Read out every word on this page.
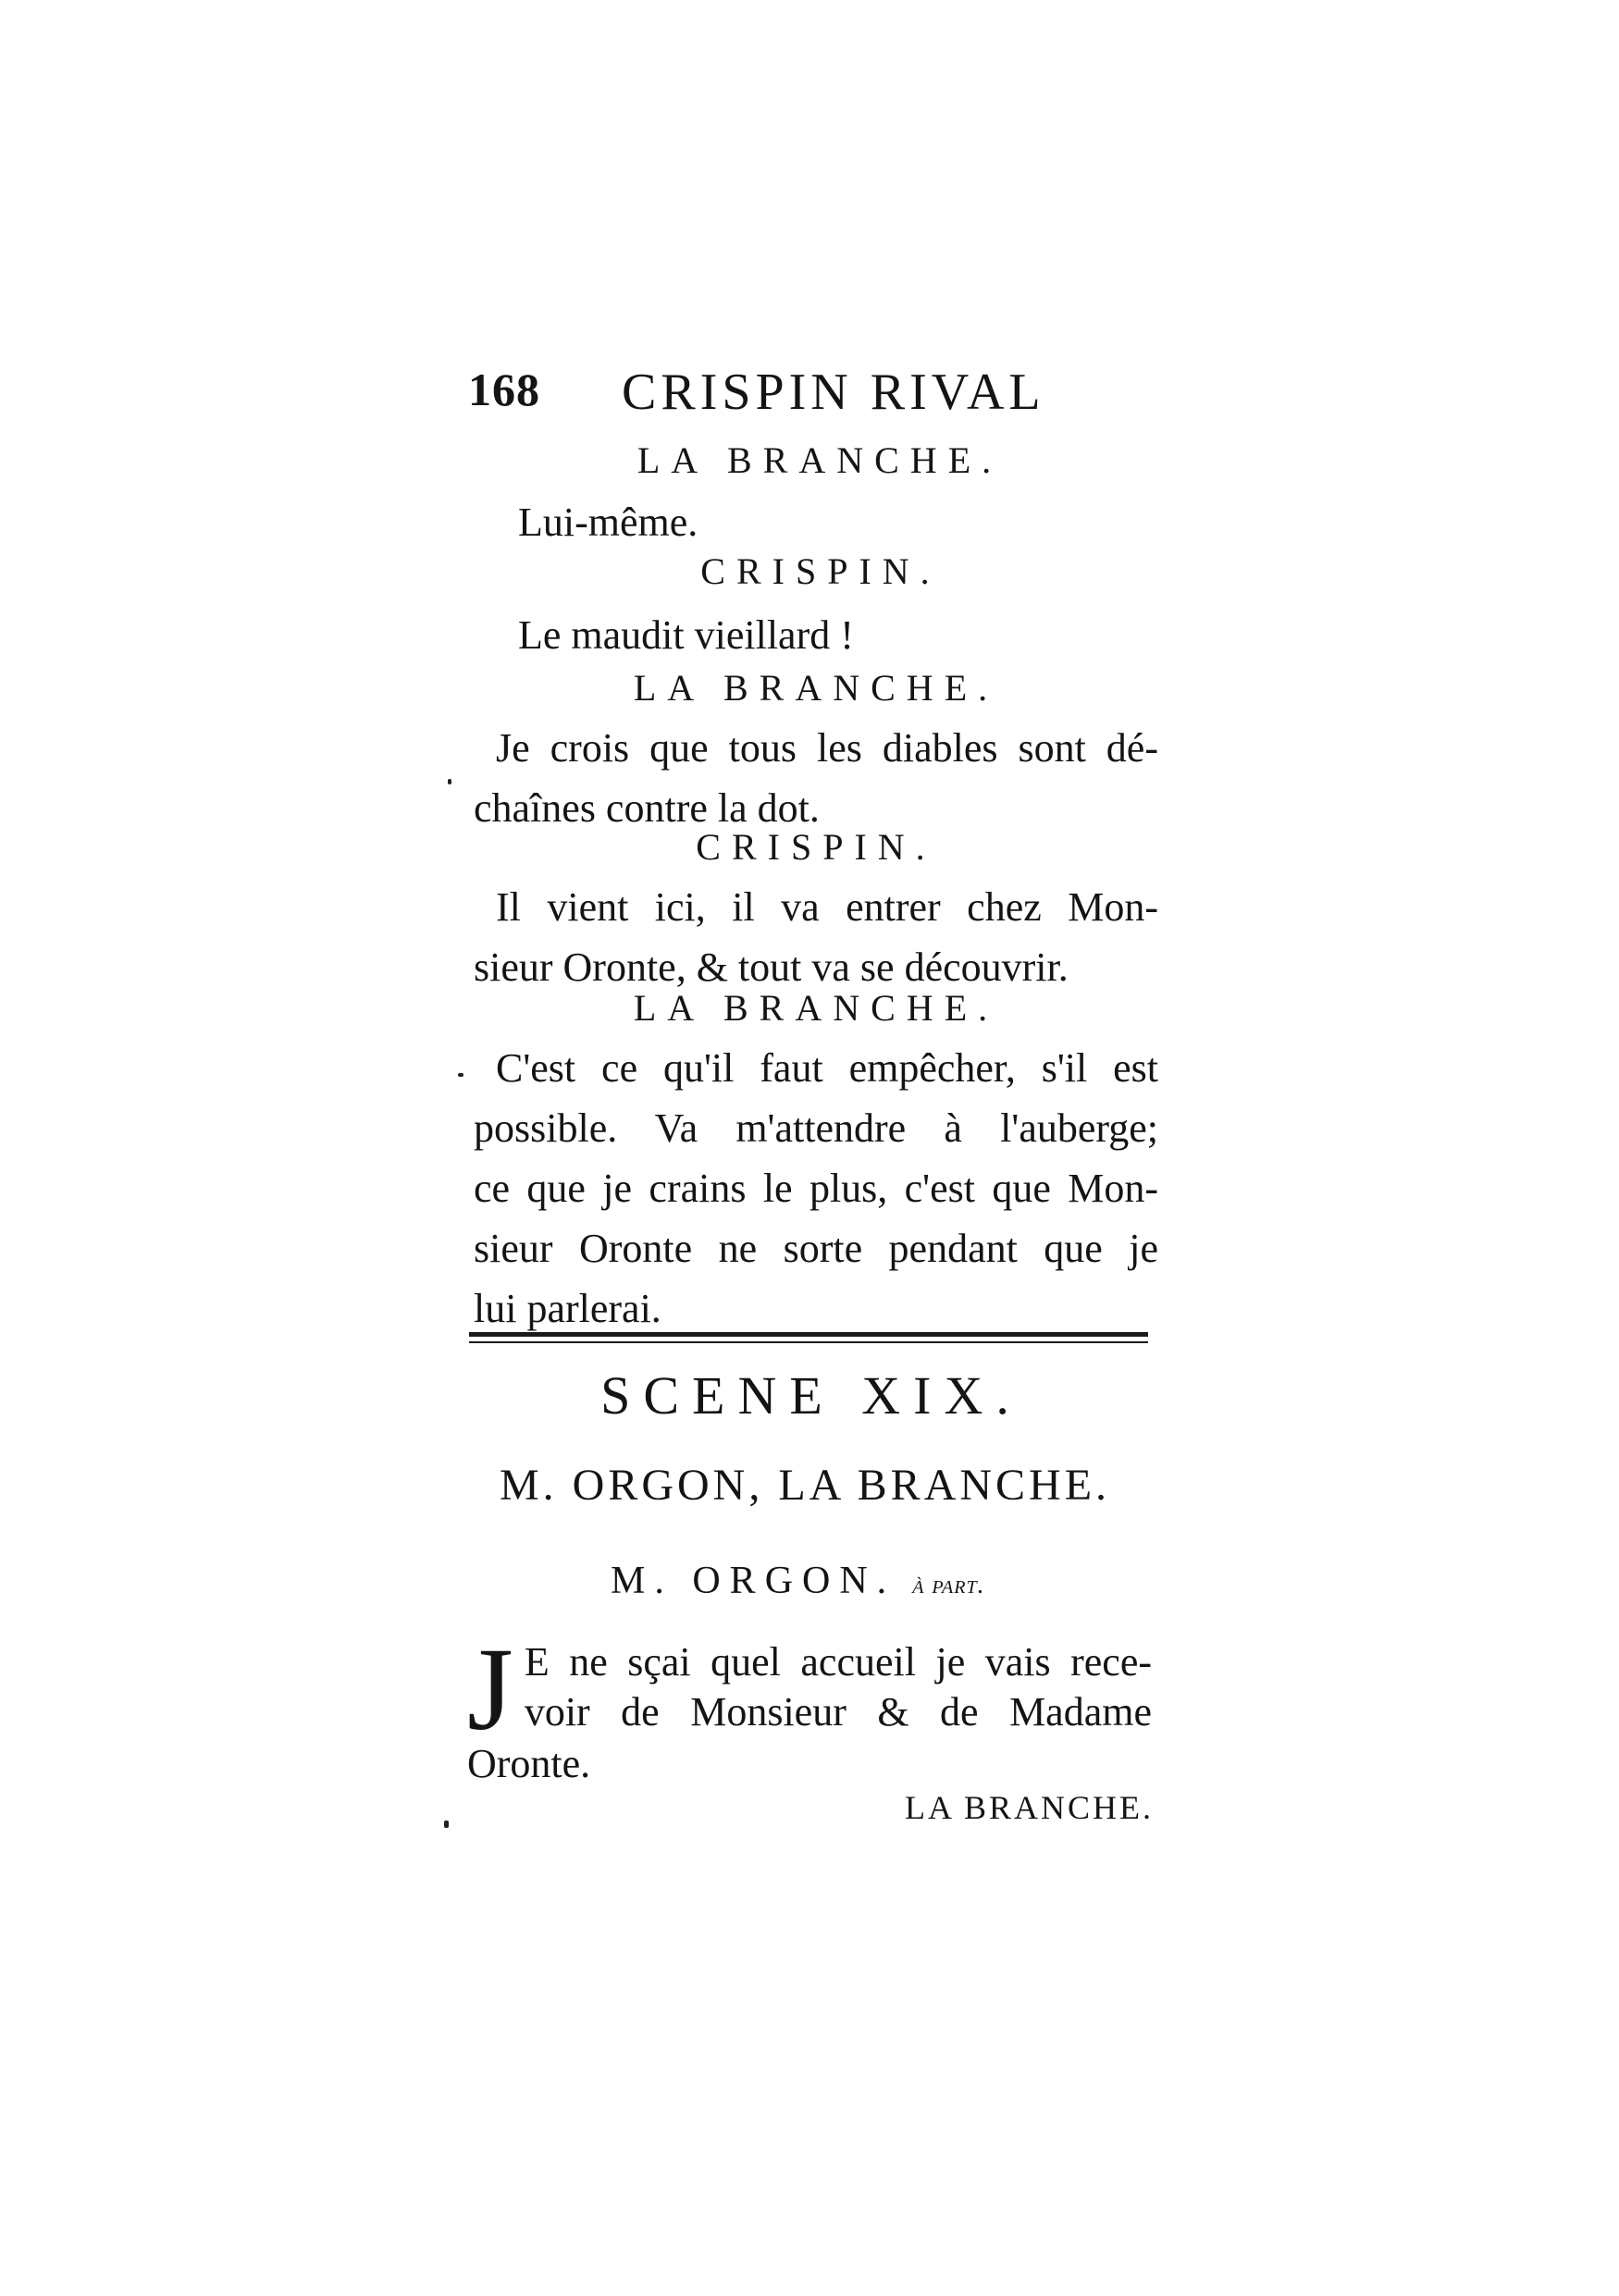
168 CRISPIN RIVAL
LA BRANCHE.
Lui-même.
CRISPIN.
Le maudit vieillard !
LA BRANCHE.
Je crois que tous les diables sont dé-
chaînes contre la dot.
CRISPIN.
Il vient ici, il va entrer chez Mon-
sieur Oronte, & tout va se découvrir.
LA BRANCHE.
C'est ce qu'il faut empêcher, s'il est
possible. Va m'attendre à l'auberge;
ce que je crains le plus, c'est que Mon-
sieur Oronte ne sorte pendant que je
lui parlerai.
SCENE XIX.
M. ORGON, LA BRANCHE.
M. ORGON. à part.
J E ne sçai quel accueil je vais rece-
voir de Monsieur & de Madame
Oronte.
LA BRANCHE.
